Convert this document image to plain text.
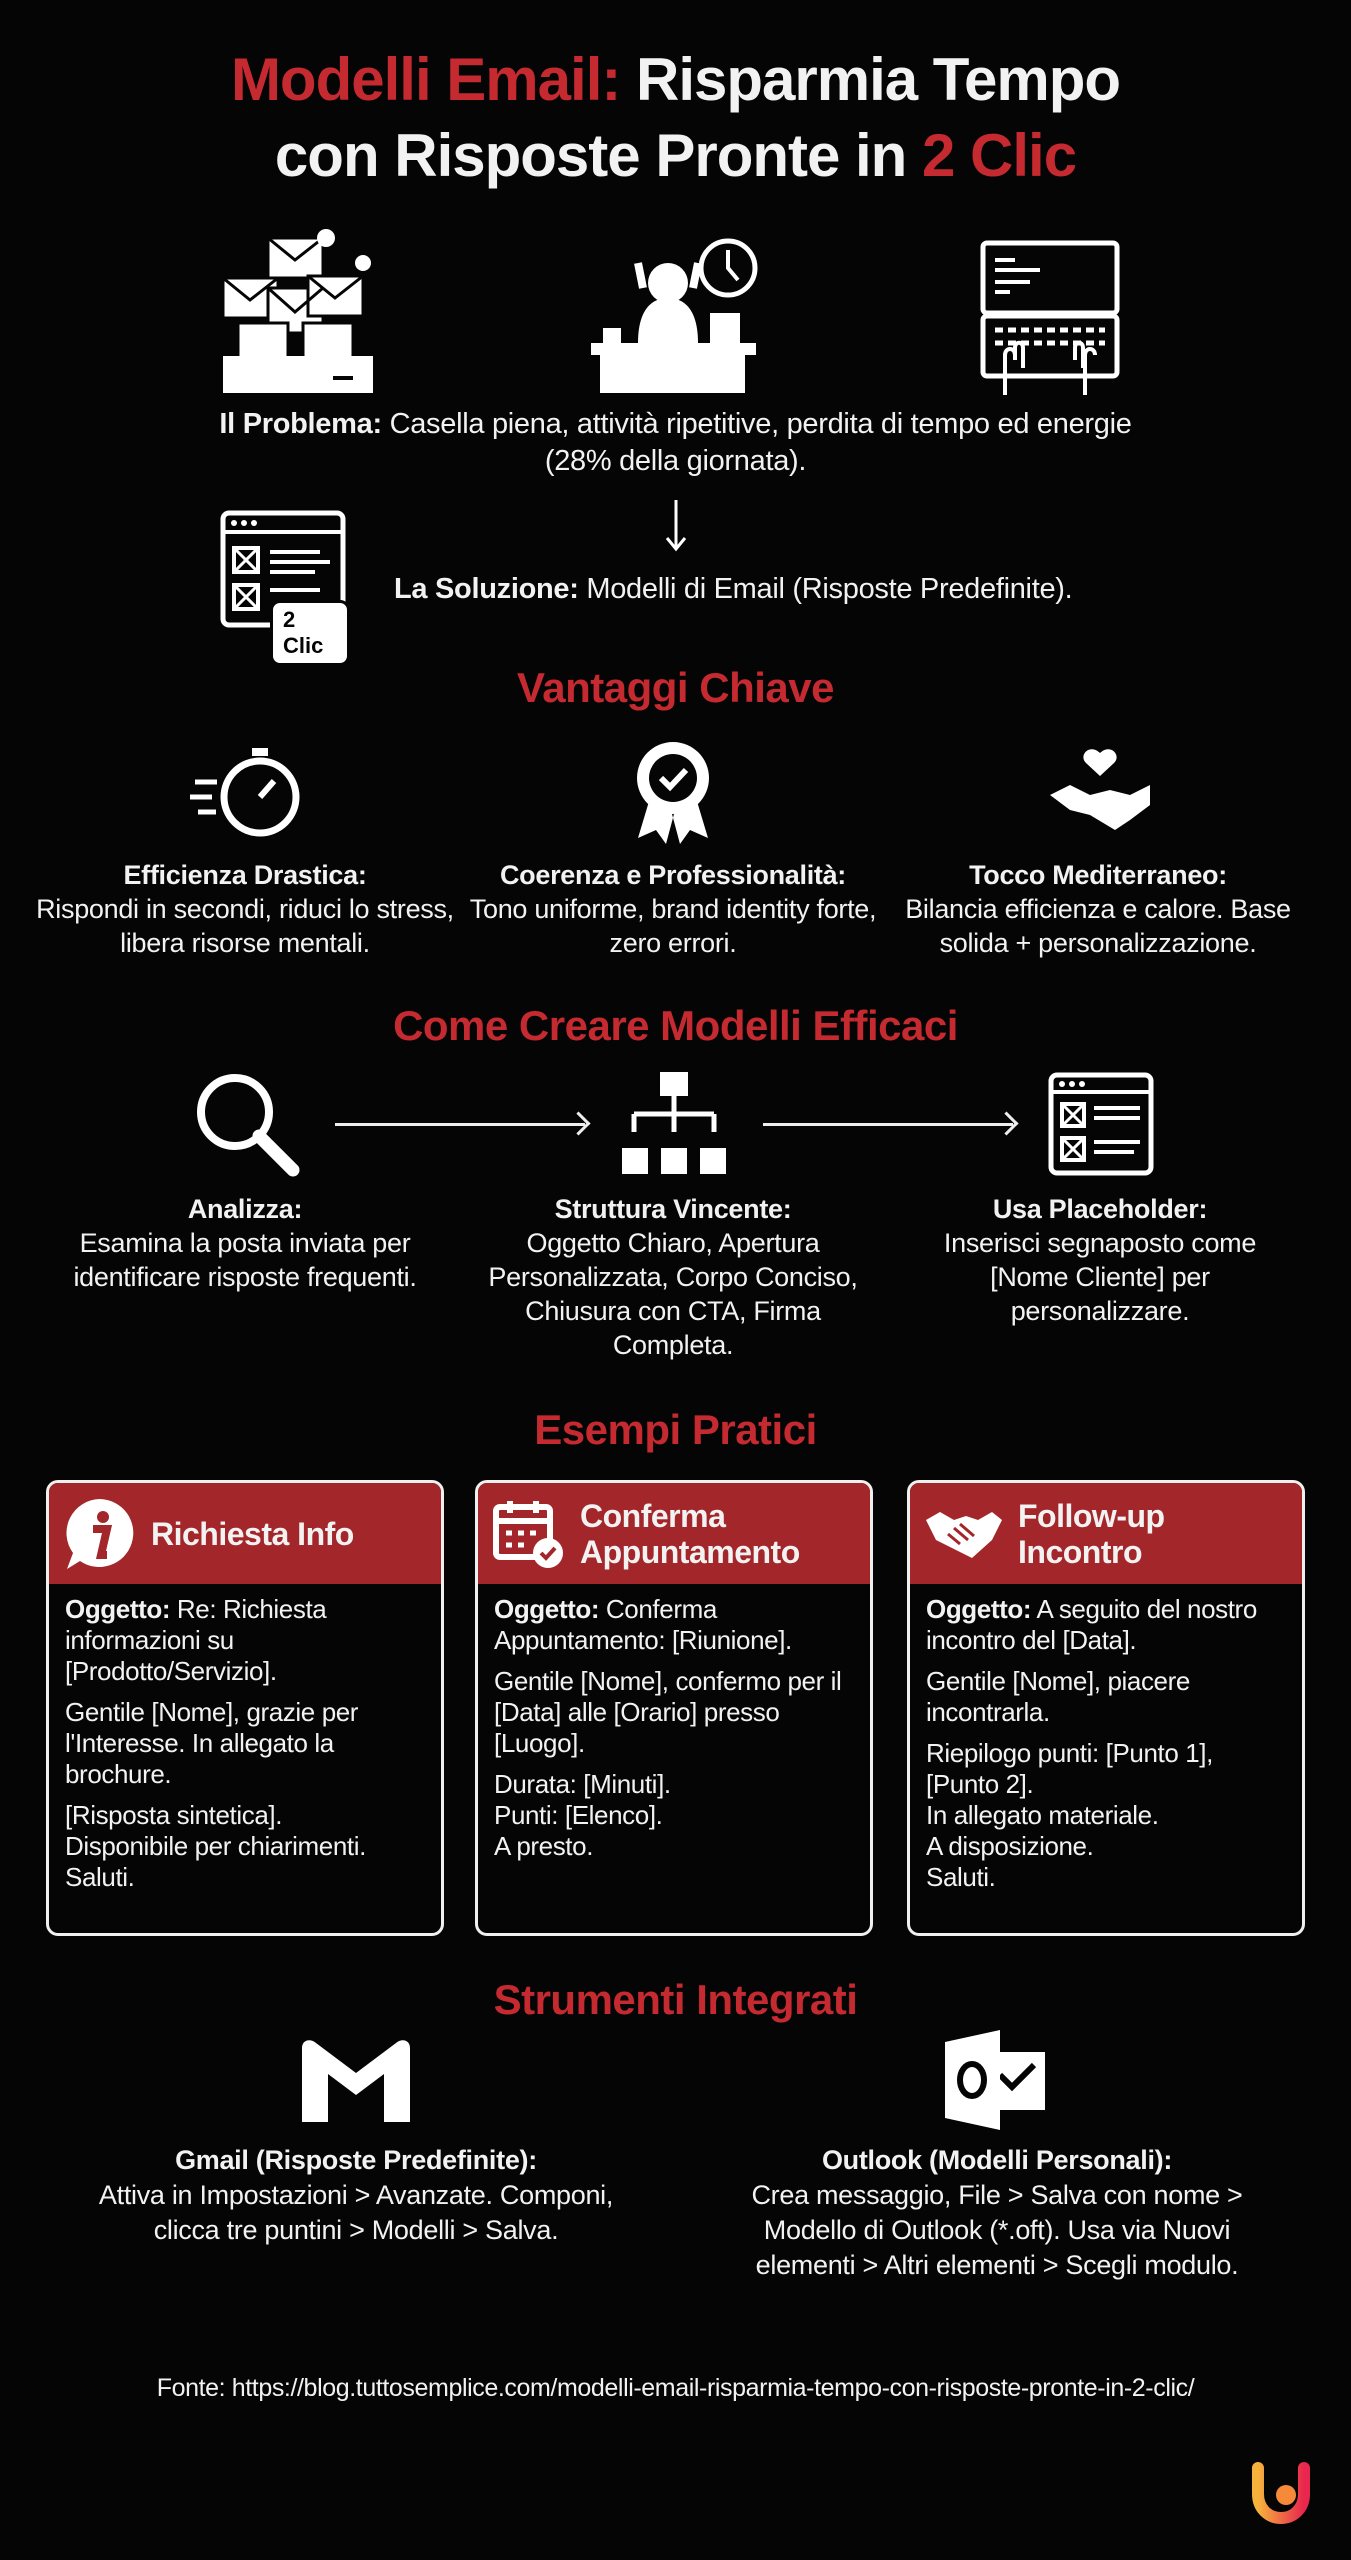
Modelli Email: Risparmia Tempo
con Risposte Pronte in 2 Clic
Il Problema: Casella piena, attività ripetitive, perdita di tempo ed energie (28% della giornata).
2 Clic
La Soluzione: Modelli di Email (Risposte Predefinite).
Vantaggi Chiave
Efficienza Drastica:
Rispondi in secondi, riduci lo stress, libera risorse mentali.
Coerenza e Professionalità:
Tono uniforme, brand identity forte, zero errori.
Tocco Mediterraneo:
Bilancia efficienza e calore. Base solida + personalizzazione.
Come Creare Modelli Efficaci
Analizza:
Esamina la posta inviata per identificare risposte frequenti.
Struttura Vincente:
Oggetto Chiaro, Apertura Personalizzata, Corpo Conciso, Chiusura con CTA, Firma Completa.
Usa Placeholder:
Inserisci segnaposto come [Nome Cliente] per personalizzare.
Esempi Pratici
Richiesta Info

Oggetto: Re: Richiesta informazioni su [Prodotto/Servizio].

Gentile [Nome], grazie per l'Interesse. In allegato la brochure.

[Risposta sintetica].

Disponibile per chiarimenti.

Saluti.

Conferma Appuntamento

Oggetto: Conferma Appuntamento: [Riunione].

Gentile [Nome], confermo per il [Data] alle [Orario] presso [Luogo].

Durata: [Minuti].

Punti: [Elenco].

A presto.

Follow-up Incontro

Oggetto: A seguito del nostro incontro del [Data].

Gentile [Nome], piacere incontrarla.

Riepilogo punti: [Punto 1], [Punto 2].

In allegato materiale.

A disposizione.

Saluti.

Strumenti Integrati
Gmail (Risposte Predefinite):
Attiva in Impostazioni > Avanzate. Componi, clicca tre puntini > Modelli > Salva.
Outlook (Modelli Personali):
Crea messaggio, File > Salva con nome > Modello di Outlook (*.oft). Usa via Nuovi elementi > Altri elementi > Scegli modulo.
Fonte: https://blog.tuttosemplice.com/modelli-email-risparmia-tempo-con-risposte-pronte-in-2-clic/
